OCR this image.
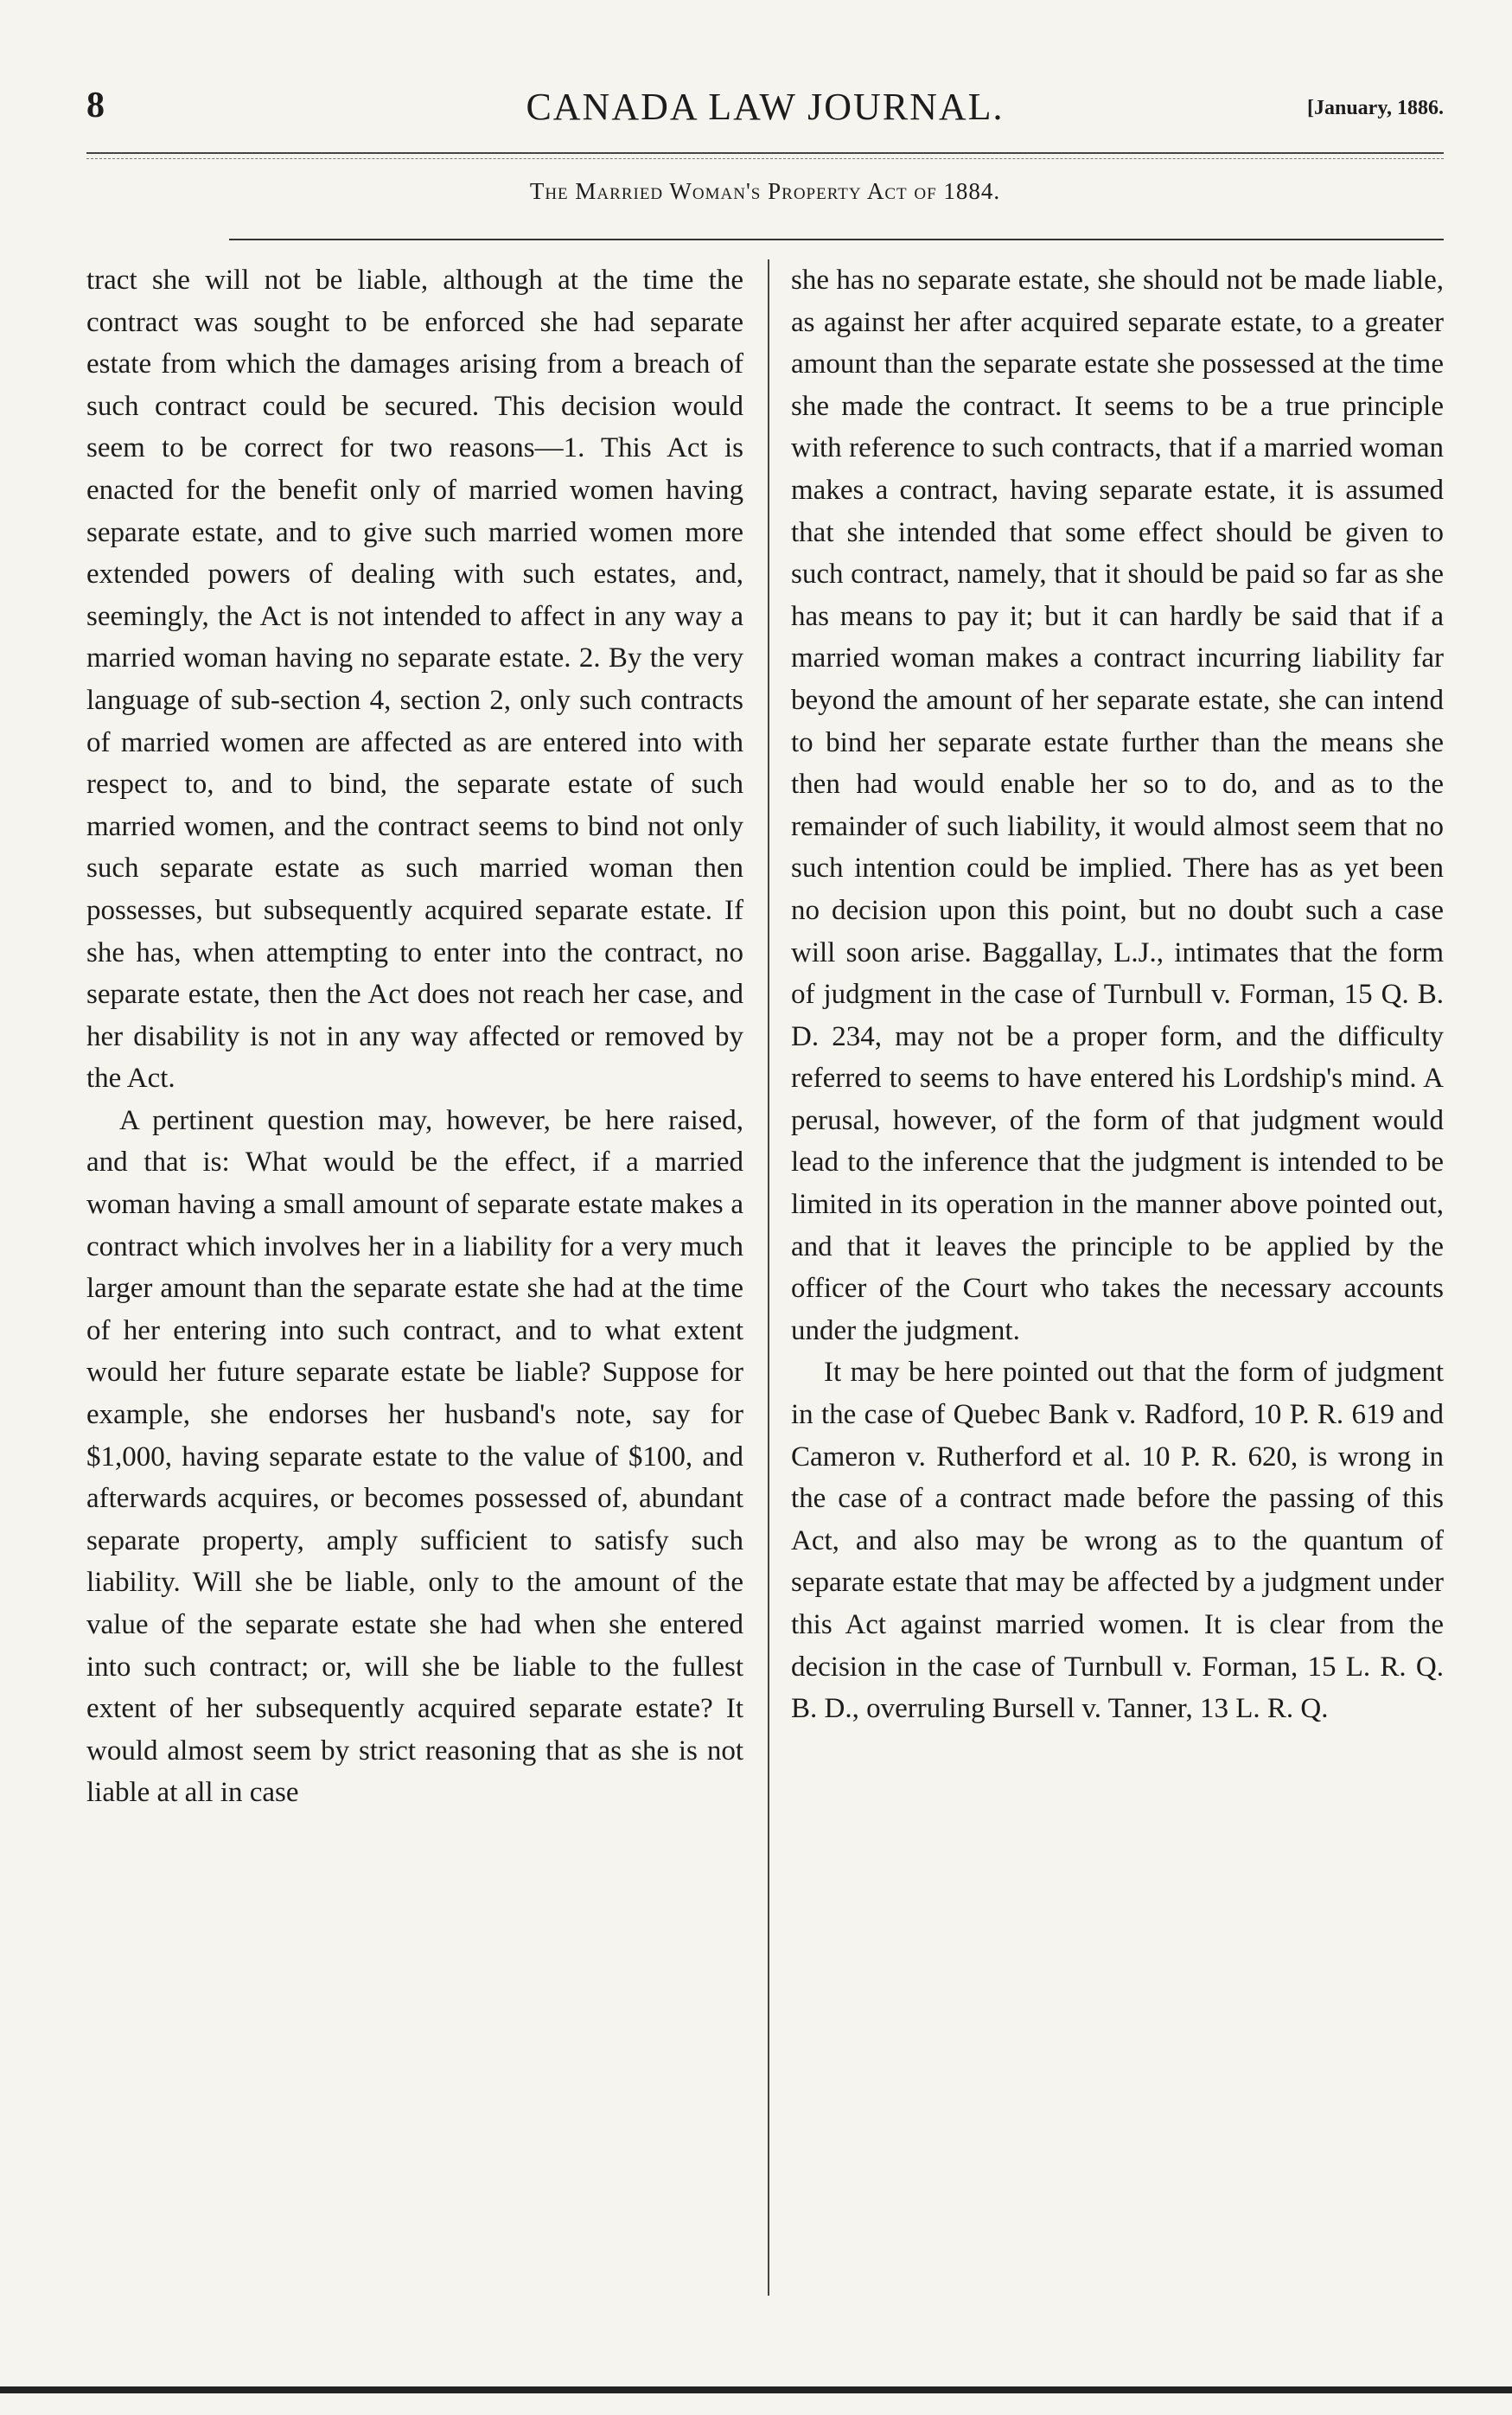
8	CANADA LAW JOURNAL.	[January, 1886.
The Married Woman's Property Act of 1884.

tract she will not be liable, although at the time the contract was sought to be enforced she had separate estate from which the damages arising from a breach of such contract could be secured. This decision would seem to be correct for two reasons—1. This Act is enacted for the benefit only of married women having separate estate, and to give such married women more extended powers of dealing with such estates, and, seemingly, the Act is not intended to affect in any way a married woman having no separate estate. 2. By the very language of sub-section 4, section 2, only such contracts of married women are affected as are entered into with respect to, and to bind, the separate estate of such married women, and the contract seems to bind not only such separate estate as such married woman then possesses, but subsequently acquired separate estate. If she has, when attempting to enter into the contract, no separate estate, then the Act does not reach her case, and her disability is not in any way affected or removed by the Act.

A pertinent question may, however, be here raised, and that is: What would be the effect, if a married woman having a small amount of separate estate makes a contract which involves her in a liability for a very much larger amount than the separate estate she had at the time of her entering into such contract, and to what extent would her future separate estate be liable? Suppose for example, she endorses her husband's note, say for $1,000, having separate estate to the value of $100, and afterwards acquires, or becomes possessed of, abundant separate property, amply sufficient to satisfy such liability. Will she be liable, only to the amount of the value of the separate estate she had when she entered into such contract; or, will she be liable to the fullest extent of her subsequently acquired separate estate? It would almost seem by strict reasoning that as she is not liable at all in case

she has no separate estate, she should not be made liable, as against her after acquired separate estate, to a greater amount than the separate estate she possessed at the time she made the contract. It seems to be a true principle with reference to such contracts, that if a married woman makes a contract, having separate estate, it is assumed that she intended that some effect should be given to such contract, namely, that it should be paid so far as she has means to pay it; but it can hardly be said that if a married woman makes a contract incurring liability far beyond the amount of her separate estate, she can intend to bind her separate estate further than the means she then had would enable her so to do, and as to the remainder of such liability, it would almost seem that no such intention could be implied. There has as yet been no decision upon this point, but no doubt such a case will soon arise. Baggallay, L.J., intimates that the form of judgment in the case of Turnbull v. Forman, 15 Q. B. D. 234, may not be a proper form, and the difficulty referred to seems to have entered his Lordship's mind. A perusal, however, of the form of that judgment would lead to the inference that the judgment is intended to be limited in its operation in the manner above pointed out, and that it leaves the principle to be applied by the officer of the Court who takes the necessary accounts under the judgment.

It may be here pointed out that the form of judgment in the case of Quebec Bank v. Radford, 10 P. R. 619 and Cameron v. Rutherford et al. 10 P. R. 620, is wrong in the case of a contract made before the passing of this Act, and also may be wrong as to the quantum of separate estate that may be affected by a judgment under this Act against married women. It is clear from the decision in the case of Turnbull v. Forman, 15 L. R. Q. B. D., overruling Bursell v. Tanner, 13 L. R. Q.
